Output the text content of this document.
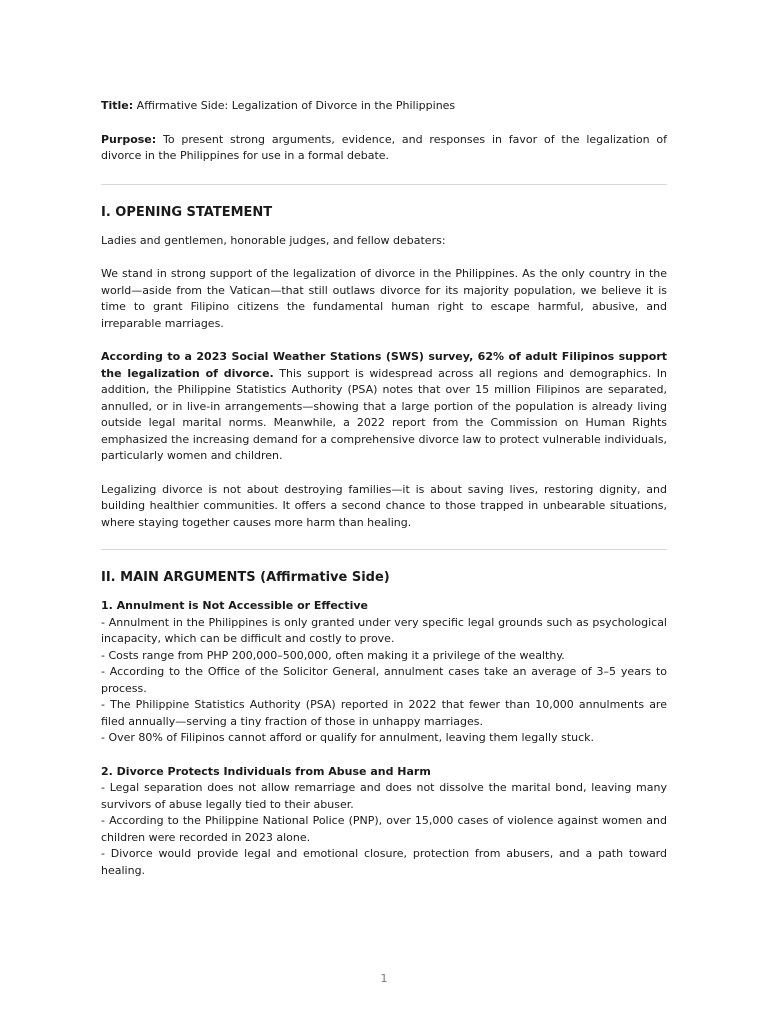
Title: Affirmative Side: Legalization of Divorce in the Philippines

Purpose: To present strong arguments, evidence, and responses in favor of the legalization of divorce in the Philippines for use in a formal debate.

I. OPENING STATEMENT

Ladies and gentlemen, honorable judges, and fellow debaters:

We stand in strong support of the legalization of divorce in the Philippines. As the only country in the world—aside from the Vatican—that still outlaws divorce for its majority population, we believe it is time to grant Filipino citizens the fundamental human right to escape harmful, abusive, and irreparable marriages.

According to a 2023 Social Weather Stations (SWS) survey, 62% of adult Filipinos support the legalization of divorce. This support is widespread across all regions and demographics. In addition, the Philippine Statistics Authority (PSA) notes that over 15 million Filipinos are separated, annulled, or in live-in arrangements—showing that a large portion of the population is already living outside legal marital norms. Meanwhile, a 2022 report from the Commission on Human Rights emphasized the increasing demand for a comprehensive divorce law to protect vulnerable individuals, particularly women and children.

Legalizing divorce is not about destroying families—it is about saving lives, restoring dignity, and building healthier communities. It offers a second chance to those trapped in unbearable situations, where staying together causes more harm than healing.

II. MAIN ARGUMENTS (Affirmative Side)

1. Annulment is Not Accessible or Effective

- Annulment in the Philippines is only granted under very specific legal grounds such as psychological incapacity, which can be difficult and costly to prove.
- Costs range from PHP 200,000–500,000, often making it a privilege of the wealthy.
- According to the Office of the Solicitor General, annulment cases take an average of 3–5 years to process.
- The Philippine Statistics Authority (PSA) reported in 2022 that fewer than 10,000 annulments are filed annually—serving a tiny fraction of those in unhappy marriages.
- Over 80% of Filipinos cannot afford or qualify for annulment, leaving them legally stuck.

2. Divorce Protects Individuals from Abuse and Harm

- Legal separation does not allow remarriage and does not dissolve the marital bond, leaving many survivors of abuse legally tied to their abuser.
- According to the Philippine National Police (PNP), over 15,000 cases of violence against women and children were recorded in 2023 alone.
- Divorce would provide legal and emotional closure, protection from abusers, and a path toward healing.
1
